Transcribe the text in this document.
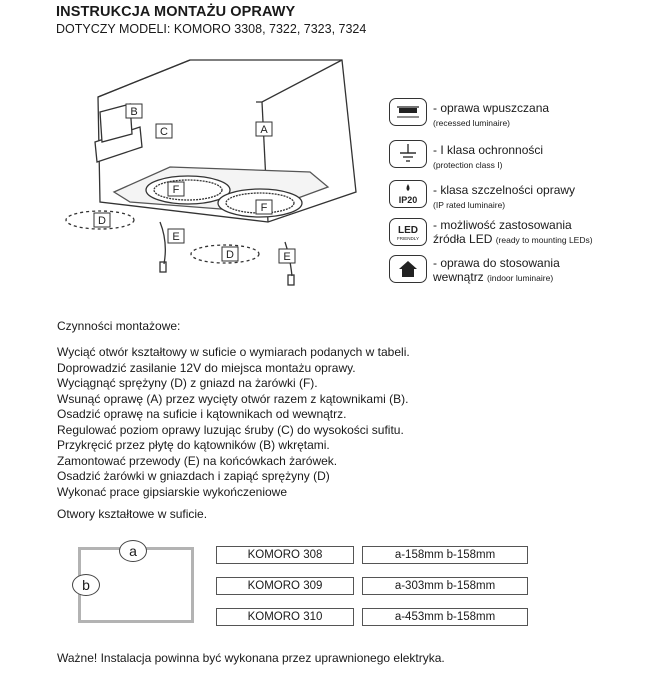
INSTRUKCJA MONTAŻU OPRAWY
DOTYCZY MODELI: KOMORO 3308, 7322, 7323, 7324
B
C	A
F
F
D
D
E
E
- oprawa wpuszczana
(recessed luminaire)
- I klasa ochronności
(protection class I)
IP20
- klasa szczelności oprawy
(IP rated luminaire)
LED
FRIENDLY
- możliwość zastosowania
źródła LED (ready to mounting LEDs)
- oprawa do stosowania
wewnątrz (indoor luminaire)
Czynności montażowe:
Wyciąć otwór kształtowy w suficie o wymiarach podanych w tabeli.
Doprowadzić zasilanie 12V do miejsca montażu oprawy.
Wyciągnąć sprężyny (D) z gniazd na żarówki (F).
Wsunąć oprawę (A) przez wycięty otwór razem z kątownikami (B).
Osadzić oprawę na suficie i kątownikach od wewnątrz.
Regulować poziom oprawy luzując śruby (C) do wysokości sufitu.
Przykręcić przez płytę do kątowników (B) wkrętami.
Zamontować przewody (E) na końcówkach żarówek.
Osadzić żarówki w gniazdach i zapiąć sprężyny (D)
Wykonać prace gipsiarskie wykończeniowe
Otwory kształtowe w suficie.
a
b
KOMORO 308	a-158mm b-158mm
KOMORO 309	a-303mm b-158mm
KOMORO 310	a-453mm b-158mm
Ważne! Instalacja powinna być wykonana przez uprawnionego elektryka.
